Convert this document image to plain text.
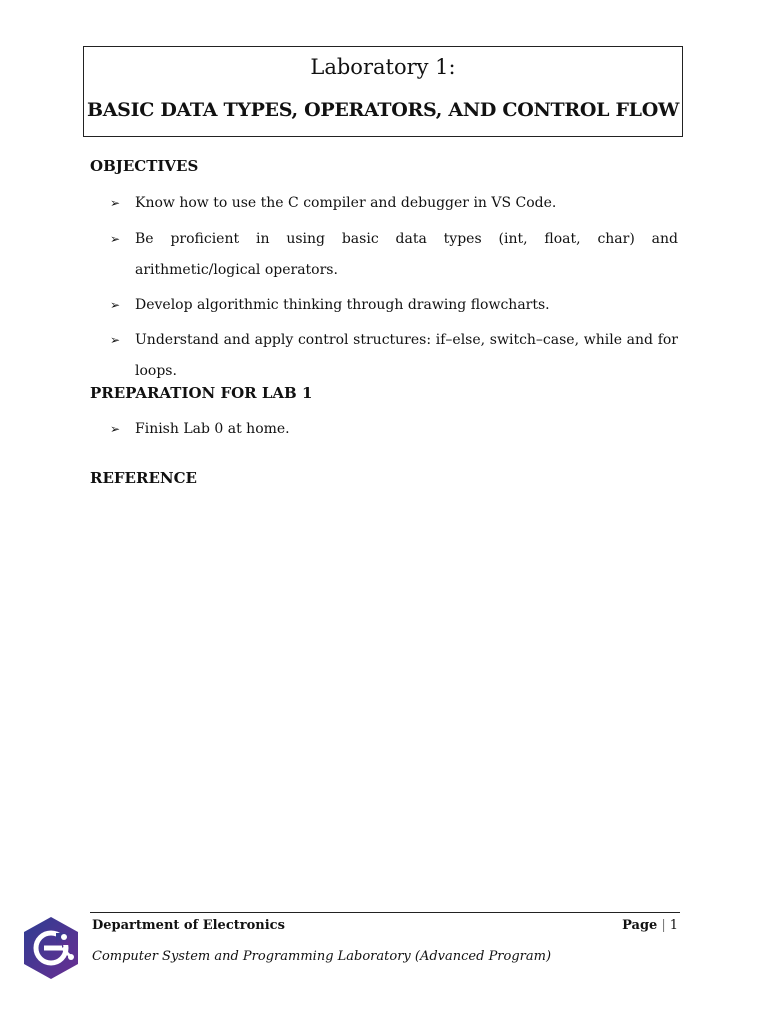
Laboratory 1:
BASIC DATA TYPES, OPERATORS, AND CONTROL FLOW
OBJECTIVES
➢ Know how to use the C compiler and debugger in VS Code.
➢ Be proficient in using basic data types (int, float, char) and arithmetic/logical operators.
➢ Develop algorithmic thinking through drawing flowcharts.
➢ Understand and apply control structures: if–else, switch–case, while and for loops.
PREPARATION FOR LAB 1
➢ Finish Lab 0 at home.
REFERENCE
Department of Electronics	Page | 1
Computer System and Programming Laboratory (Advanced Program)
